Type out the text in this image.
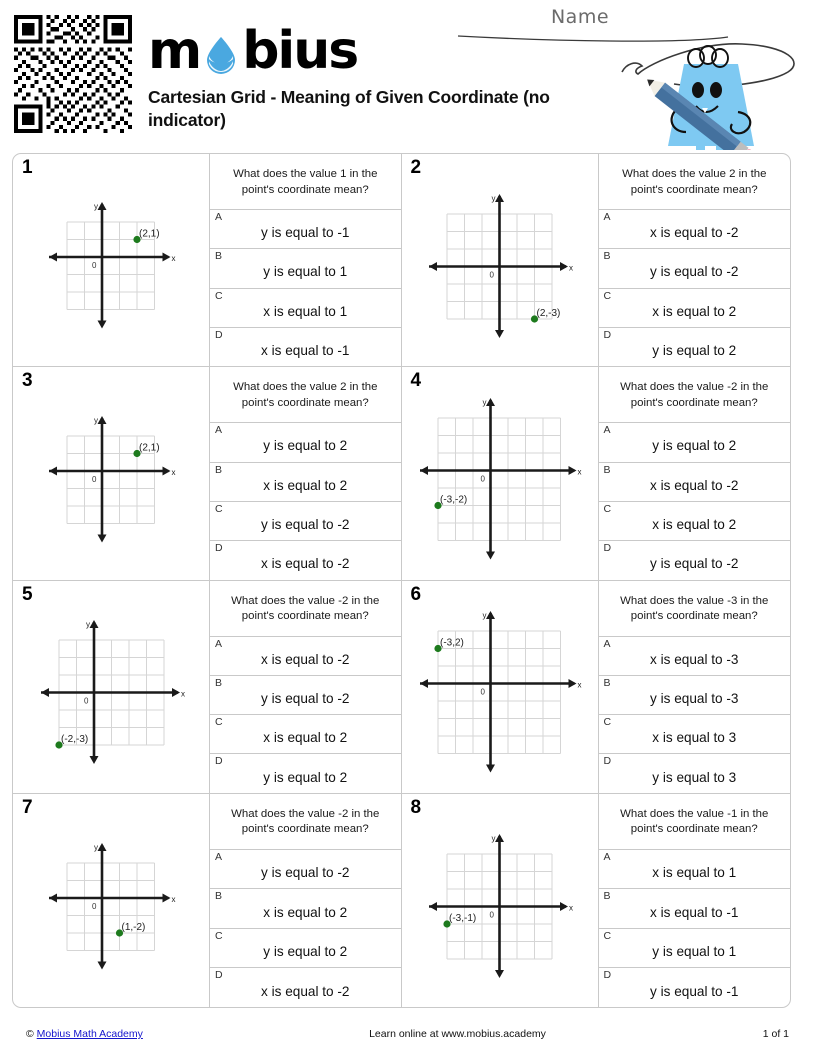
m bius
Cartesian Grid - Meaning of Given Coordinate (no indicator)
Name
1
x
y
0
(2,1)
What does the value 1 in the point's coordinate mean?
A
y is equal to -1
B
y is equal to 1
C
x is equal to 1
D
x is equal to -1
2
x
y
0
(2,-3)
What does the value 2 in the point's coordinate mean?
A
x is equal to -2
B
y is equal to -2
C
x is equal to 2
D
y is equal to 2
3
x
y
0
(2,1)
What does the value 2 in the point's coordinate mean?
A
y is equal to 2
B
x is equal to 2
C
y is equal to -2
D
x is equal to -2
4
x
y
0
(-3,-2)
What does the value -2 in the point's coordinate mean?
A
y is equal to 2
B
x is equal to -2
C
x is equal to 2
D
y is equal to -2
5
x
y
0
(-2,-3)
What does the value -2 in the point's coordinate mean?
A
x is equal to -2
B
y is equal to -2
C
x is equal to 2
D
y is equal to 2
6
x
y
0
(-3,2)
What does the value -3 in the point's coordinate mean?
A
x is equal to -3
B
y is equal to -3
C
x is equal to 3
D
y is equal to 3
7
x
y
0
(1,-2)
What does the value -2 in the point's coordinate mean?
A
y is equal to -2
B
x is equal to 2
C
y is equal to 2
D
x is equal to -2
8
x
y
0
(-3,-1)
What does the value -1 in the point's coordinate mean?
A
x is equal to 1
B
x is equal to -1
C
y is equal to 1
D
y is equal to -1
© Mobius Math Academy	Learn online at www.mobius.academy	1 of 1
